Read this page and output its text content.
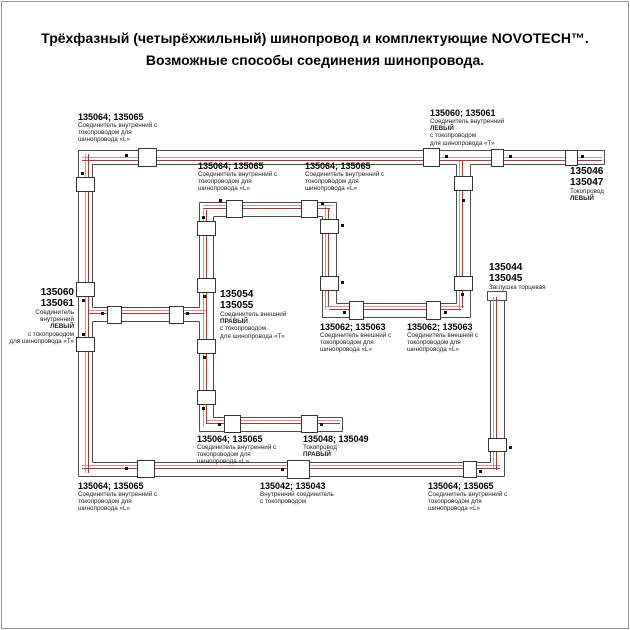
Трёхфазный (четырёхжильный) шинопровод и комплектующие NOVOTECH™.
Возможные способы соединения шинопровода.
135064; 135065
Соединитель внутренний с
токопроводом для
шинопровода «L»
135064; 135065
Соединитель внутренний с
токопроводом для
шинопровода «L»
135064; 135065
Соединитель внутренний с
токопроводом для
шинопровода «L»
135060; 135061
Соединитель внутренний
ЛЕВЫЙ
с токопроводом
для шинопровода «Т»
135046
135047
Токопровод
ЛЕВЫЙ
135060
135061
Соединитель внутренний
ЛЕВЫЙ
с токопроводом
для шинопровода «Т»
135054
135055
Соединитель внешний
ПРАВЫЙ
с токопроводом
для шинопровода «Т»
135062; 135063
Соединитель внешний с
токопроводом для
шинопровода «L»
135062; 135063
Соединитель внешний с
токопроводом для
шинопровода «L»
135044
135045
Заглушка торцевая
135064; 135065
Соединитель внутренний с
токопроводом для
шинопровода «L»
135048; 135049
Токопровод
ПРАВЫЙ
135064; 135065
Соединитель внутренний с
токопроводом для
шинопровода «L»
135042; 135043
Внутренний соединитель
с токопроводом
135064; 135065
Соединитель внутренний с
токопроводом для
шинопровода «L»
